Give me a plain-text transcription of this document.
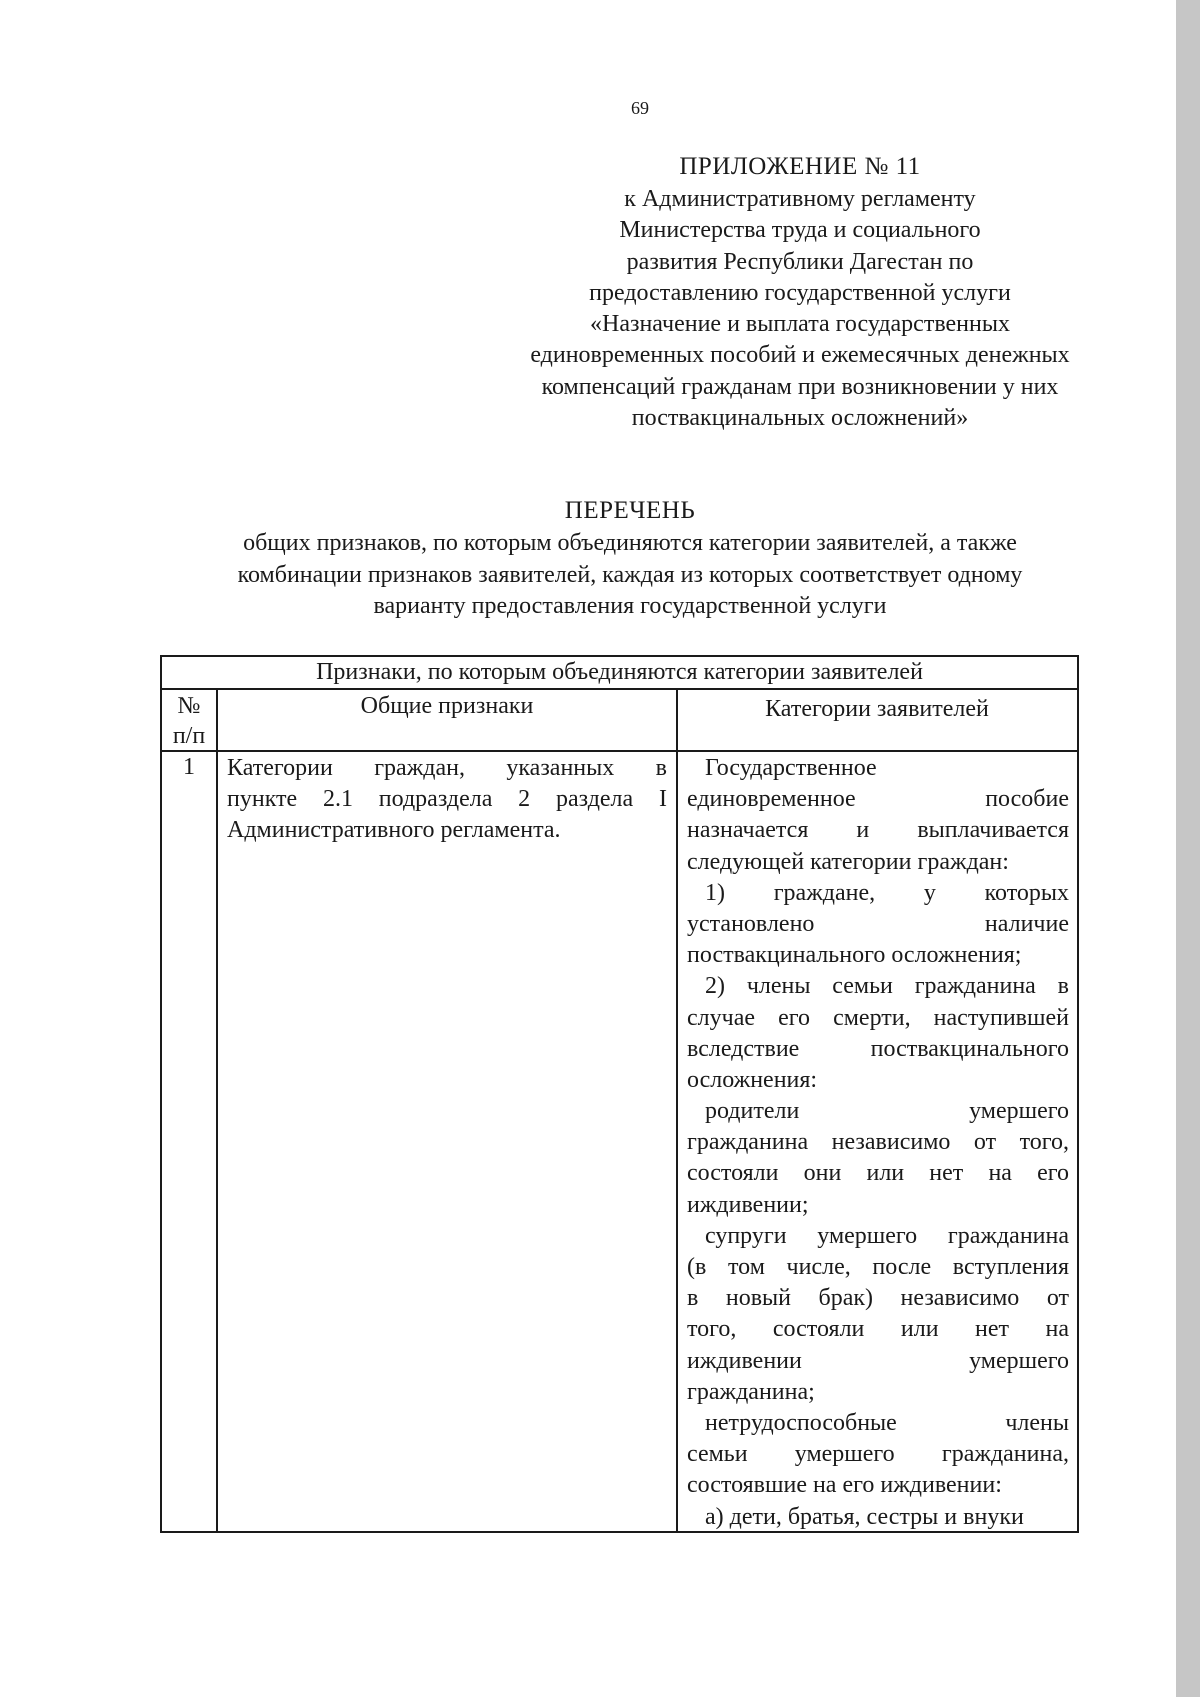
69
ПРИЛОЖЕНИЕ № 11
к Административному регламенту
Министерства труда и социального
развития Республики Дагестан по
предоставлению государственной услуги
«Назначение и выплата государственных
единовременных пособий и ежемесячных денежных
компенсаций гражданам при возникновении у них
поствакцинальных осложнений»
ПЕРЕЧЕНЬ
общих признаков, по которым объединяются категории заявителей, а также
комбинации признаков заявителей, каждая из которых соответствует одному
варианту предоставления государственной услуги
Признаки, по которым объединяются категории заявителей
№
п/п
Общие признаки	Категории заявителей
1	Категории граждан, указанных в
пункте 2.1 подраздела 2 раздела I
Административного регламента.
Государственное
единовременное пособие
назначается и выплачивается
следующей категории граждан:
1) граждане, у которых
установлено наличие
поствакцинального осложнения;
2) члены семьи гражданина в
случае его смерти, наступившей
вследствие поствакцинального
осложнения:
родители умершего
гражданина независимо от того,
состояли они или нет на его
иждивении;
супруги умершего гражданина
(в том числе, после вступления
в новый брак) независимо от
того, состояли или нет на
иждивении умершего
гражданина;
нетрудоспособные члены
семьи умершего гражданина,
состоявшие на его иждивении:
а) дети, братья, сестры и внуки
